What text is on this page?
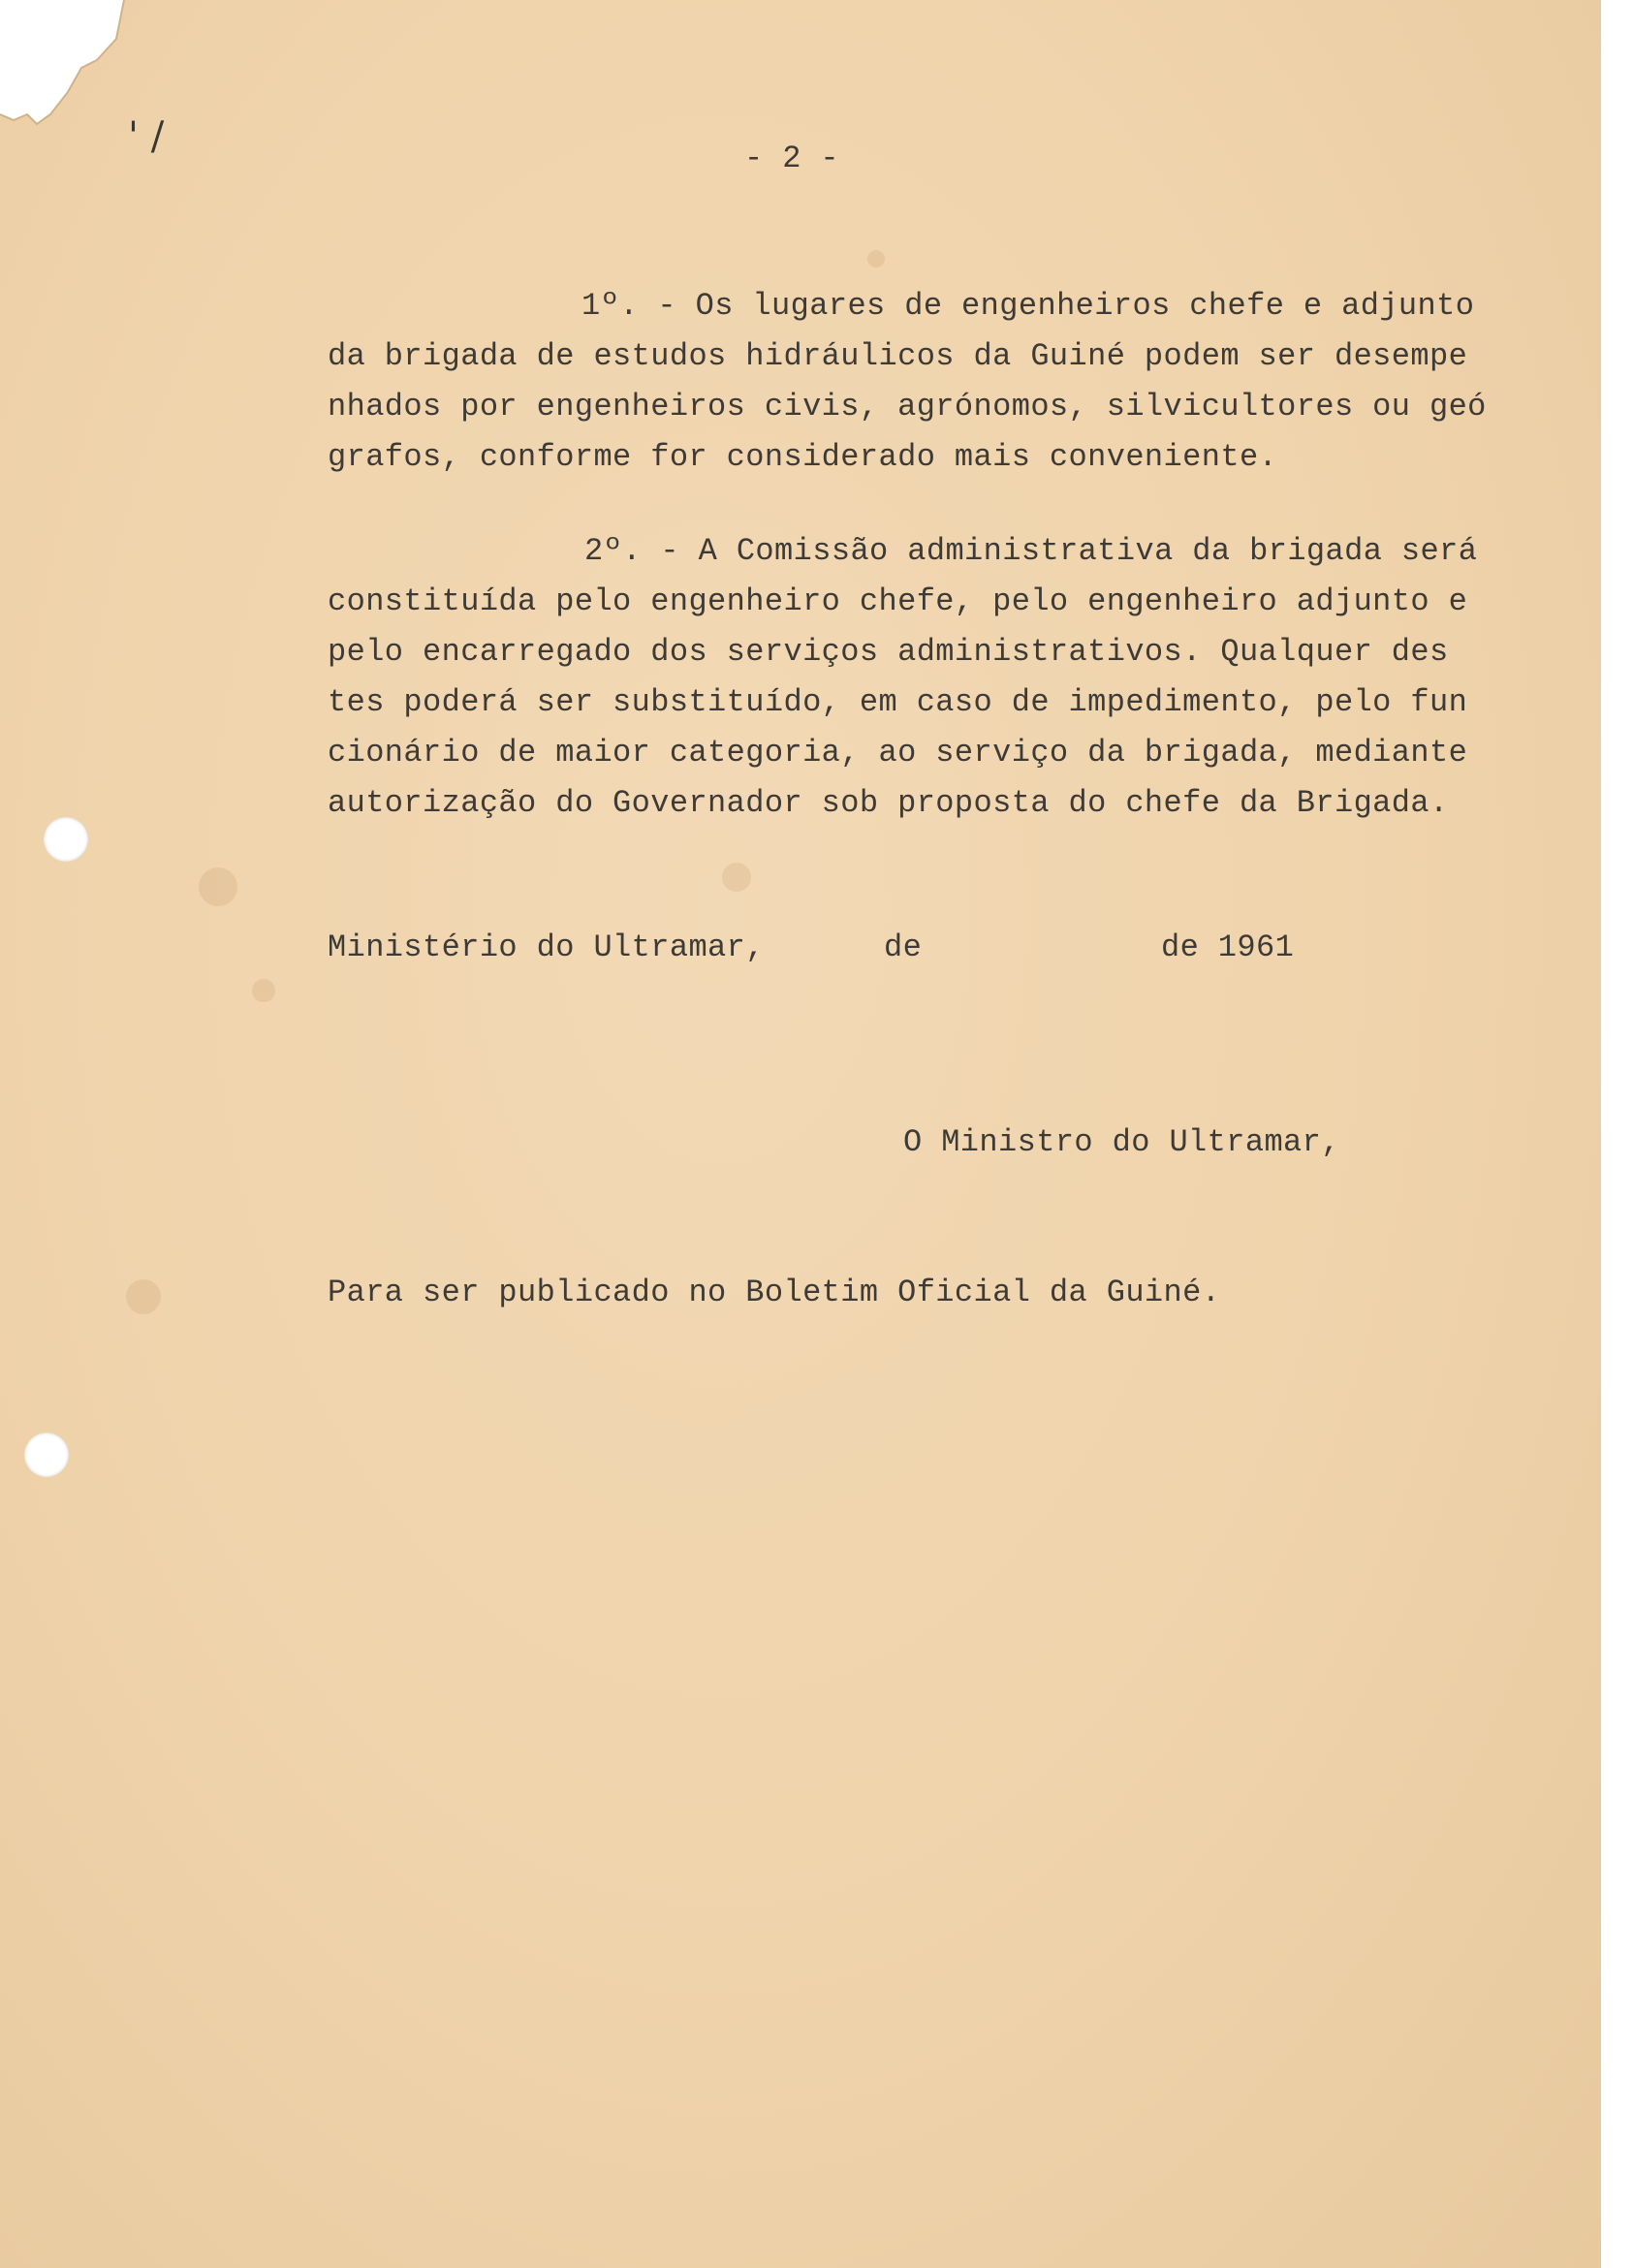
' /	- 2 -
1º. - Os lugares de engenheiros chefe e adjunto
da brigada de estudos hidráulicos da Guiné podem ser desempe
nhados por engenheiros civis, agrónomos, silvicultores ou geó
grafos, conforme for considerado mais conveniente.
2º. - A Comissão administrativa da brigada será
constituída pelo engenheiro chefe, pelo engenheiro adjunto e
pelo encarregado dos serviços administrativos. Qualquer des
tes poderá ser substituído, em caso de impedimento, pelo fun
cionário de maior categoria, ao serviço da brigada, mediante
autorização do Governador sob proposta do chefe da Brigada.
Ministério do Ultramar,	de	de 1961
O Ministro do Ultramar,
Para ser publicado no Boletim Oficial da Guiné.
